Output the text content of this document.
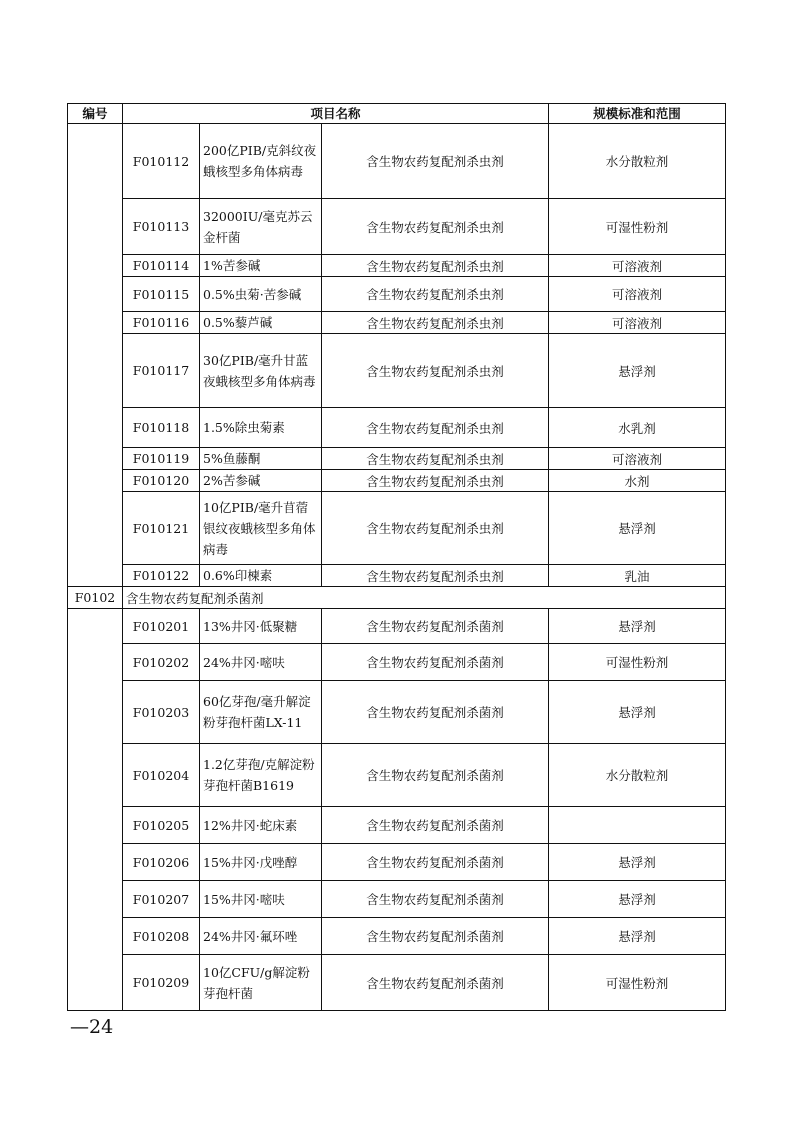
编号	项目名称			规模标准和范围
	F010112	200亿PIB/克斜纹夜蛾核型多角体病毒	含生物农药复配剂杀虫剂	水分散粒剂
	F010113	32000IU/毫克苏云金杆菌	含生物农药复配剂杀虫剂	可湿性粉剂
	F010114	1%苦参碱	含生物农药复配剂杀虫剂	可溶液剂
	F010115	0.5%虫菊·苦参碱	含生物农药复配剂杀虫剂	可溶液剂
	F010116	0.5%藜芦碱	含生物农药复配剂杀虫剂	可溶液剂
	F010117	30亿PIB/毫升甘蓝夜蛾核型多角体病毒	含生物农药复配剂杀虫剂	悬浮剂
	F010118	1.5%除虫菊素	含生物农药复配剂杀虫剂	水乳剂
	F010119	5%鱼藤酮	含生物农药复配剂杀虫剂	可溶液剂
	F010120	2%苦参碱	含生物农药复配剂杀虫剂	水剂
	F010121	10亿PIB/毫升苜蓿银纹夜蛾核型多角体病毒	含生物农药复配剂杀虫剂	悬浮剂
	F010122	0.6%印楝素	含生物农药复配剂杀虫剂	乳油
F0102	含生物农药复配剂杀菌剂			
	F010201	13%井冈·低聚糖	含生物农药复配剂杀菌剂	悬浮剂
	F010202	24%井冈·嘧呋	含生物农药复配剂杀菌剂	可湿性粉剂
	F010203	60亿芽孢/毫升解淀粉芽孢杆菌LX-11	含生物农药复配剂杀菌剂	悬浮剂
	F010204	1.2亿芽孢/克解淀粉芽孢杆菌B1619	含生物农药复配剂杀菌剂	水分散粒剂
	F010205	12%井冈·蛇床素	含生物农药复配剂杀菌剂	
	F010206	15%井冈·戊唑醇	含生物农药复配剂杀菌剂	悬浮剂
	F010207	15%井冈·嘧呋	含生物农药复配剂杀菌剂	悬浮剂
	F010208	24%井冈·氟环唑	含生物农药复配剂杀菌剂	悬浮剂
	F010209	10亿CFU/g解淀粉芽孢杆菌	含生物农药复配剂杀菌剂	可湿性粉剂
—24
